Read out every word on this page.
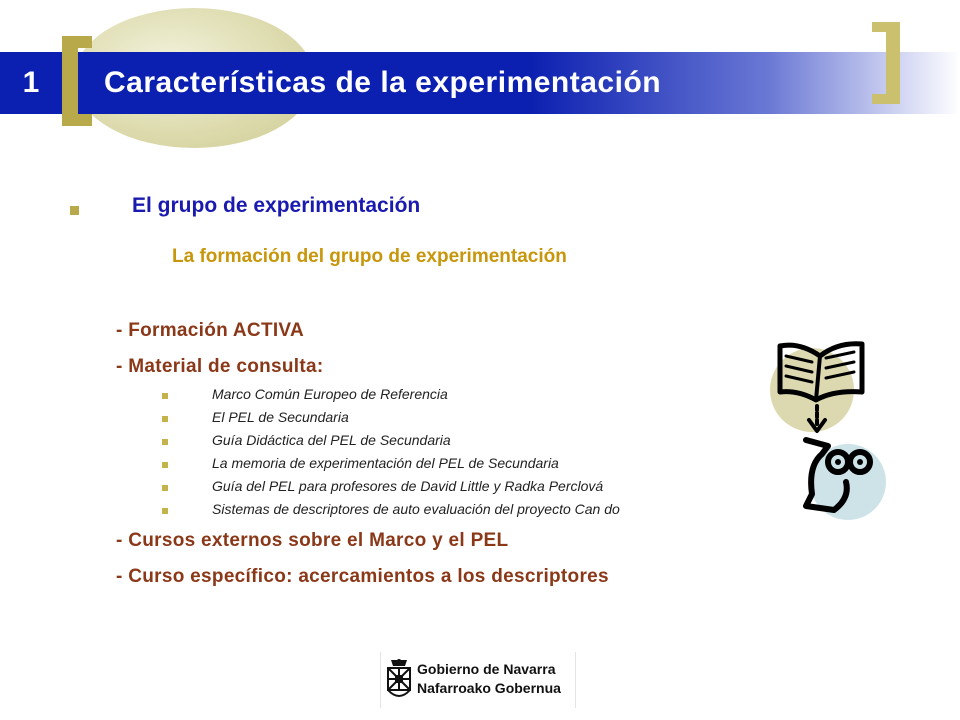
1	Características de la experimentación
El grupo de experimentación
La formación del grupo de experimentación
- Formación ACTIVA
- Material de consulta:
Marco Común Europeo de Referencia
El PEL de Secundaria
Guía Didáctica del PEL de Secundaria
La memoria de experimentación del PEL de Secundaria
Guía del PEL para profesores de David Little y Radka Perclová
Sistemas de descriptores de auto evaluación del proyecto Can do
- Cursos externos sobre el Marco y el PEL
- Curso específico: acercamientos a los descriptores
Gobierno de Navarra
Nafarroako Gobernua
